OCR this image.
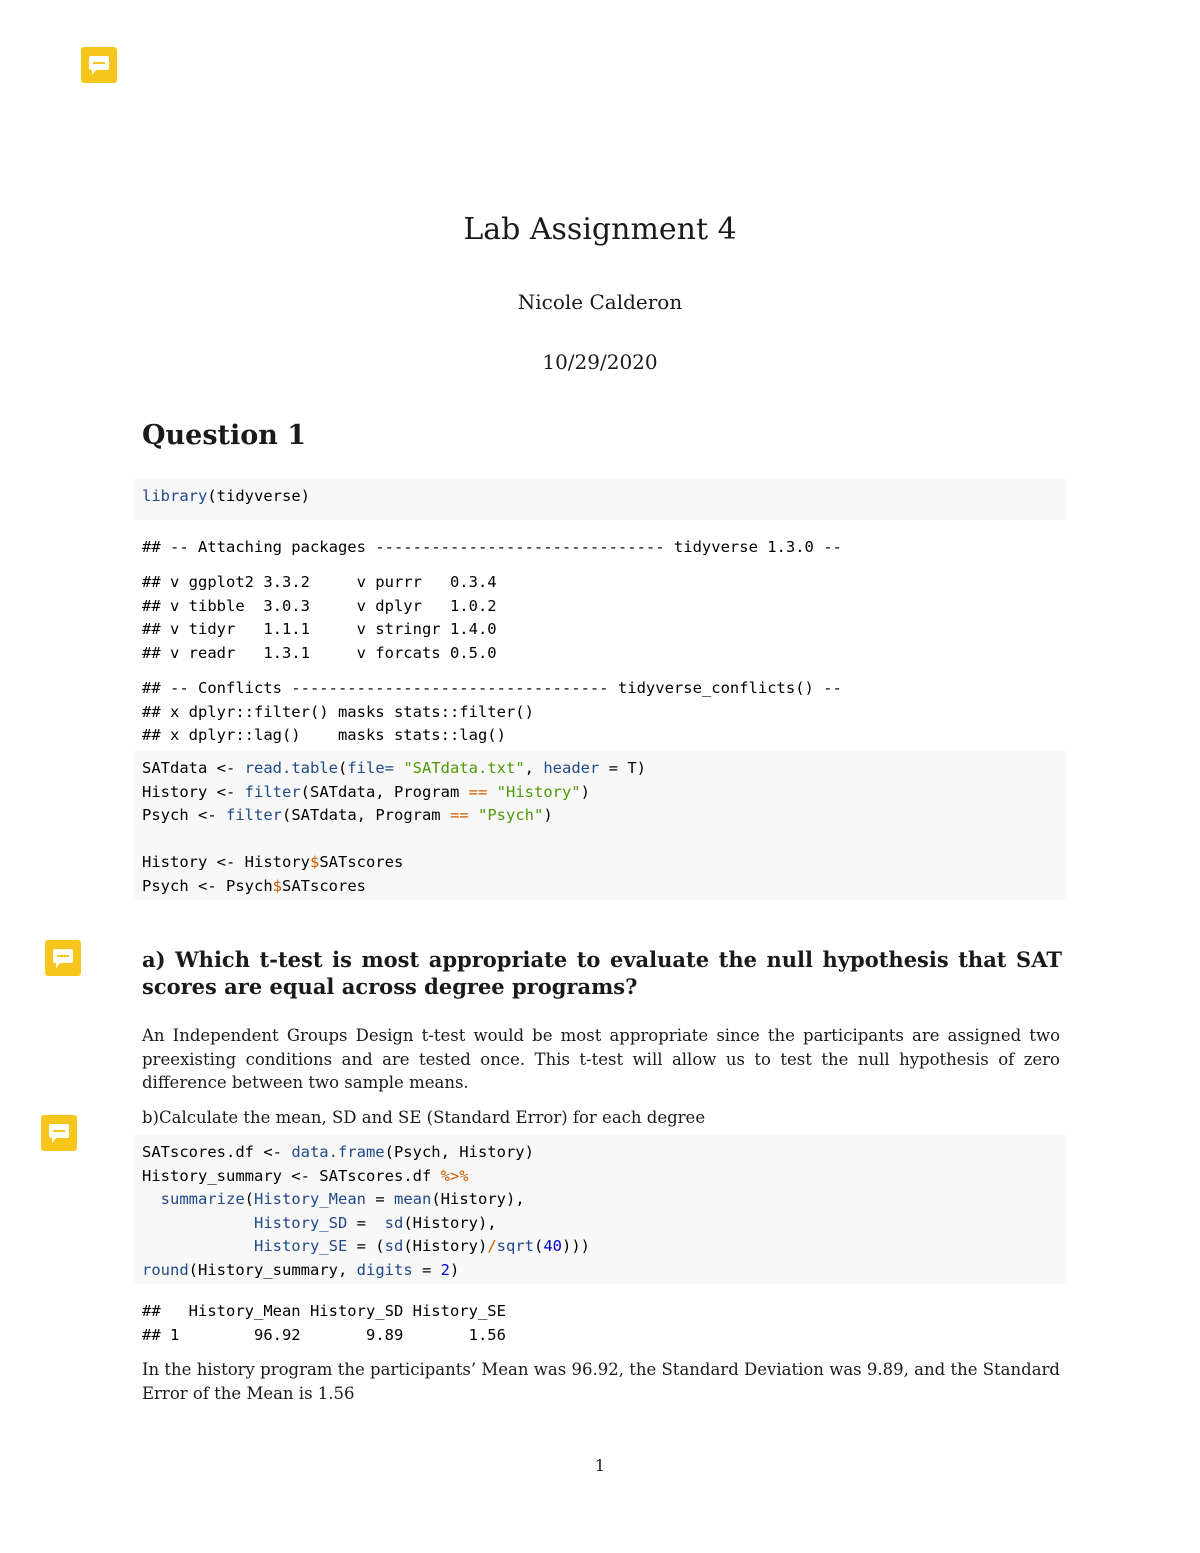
Lab Assignment 4
Nicole Calderon
10/29/2020
Question 1
library(tidyverse)
## -- Attaching packages ------------------------------- tidyverse 1.3.0 --
## v ggplot2 3.3.2     v purrr   0.3.4
## v tibble  3.0.3     v dplyr   1.0.2
## v tidyr   1.1.1     v stringr 1.4.0
## v readr   1.3.1     v forcats 0.5.0
## -- Conflicts ---------------------------------- tidyverse_conflicts() --
## x dplyr::filter() masks stats::filter()
## x dplyr::lag()    masks stats::lag()
SATdata <- read.table(file= "SATdata.txt", header = T)
History <- filter(SATdata, Program == "History")
Psych <- filter(SATdata, Program == "Psych")

History <- History$SATscores
Psych <- Psych$SATscores
a) Which t-test is most appropriate to evaluate the null hypothesis that SAT scores are equal across degree programs?
An Independent Groups Design t-test would be most appropriate since the participants are assigned two preexisting conditions and are tested once. This t-test will allow us to test the null hypothesis of zero difference between two sample means.
b)Calculate the mean, SD and SE (Standard Error) for each degree
SATscores.df <- data.frame(Psych, History)
History_summary <- SATscores.df %>%
summarize(History_Mean = mean(History),
History_SD =  sd(History),
History_SE = (sd(History)/sqrt(40)))
round(History_summary, digits = 2)
##   History_Mean History_SD History_SE
## 1        96.92       9.89       1.56
In the history program the participants’ Mean was 96.92, the Standard Deviation was 9.89, and the Standard Error of the Mean is 1.56
1
